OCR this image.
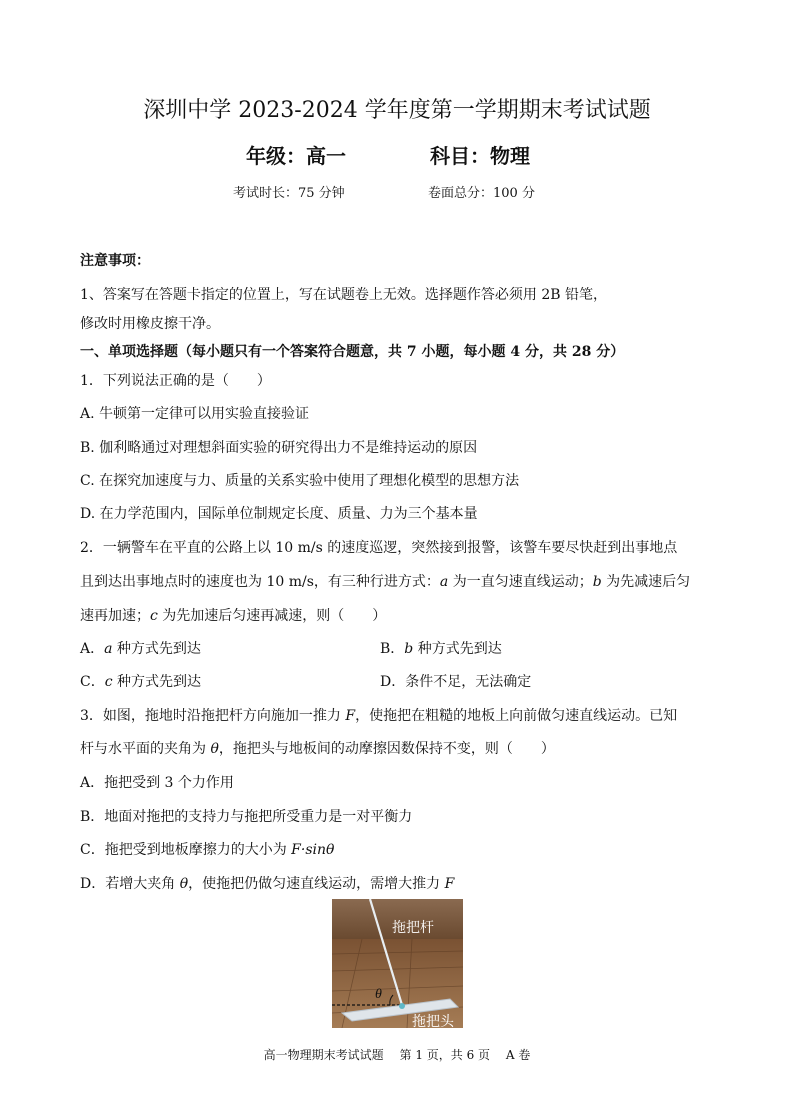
深圳中学 2023-2024 学年度第一学期期末考试试题
年级：高一	科目：物理
考试时长：75 分钟	卷面总分：100 分
注意事项：
1、答案写在答题卡指定的位置上，写在试题卷上无效。选择题作答必须用 2B 铅笔，
修改时用橡皮擦干净。
一、单项选择题（每小题只有一个答案符合题意，共 7 小题，每小题 4 分，共 28 分）
1．下列说法正确的是（　　）
A. 牛顿第一定律可以用实验直接验证
B. 伽利略通过对理想斜面实验的研究得出力不是维持运动的原因
C. 在探究加速度与力、质量的关系实验中使用了理想化模型的思想方法
D. 在力学范围内，国际单位制规定长度、质量、力为三个基本量
2．一辆警车在平直的公路上以 10 m/s 的速度巡逻，突然接到报警，该警车要尽快赶到出事地点
且到达出事地点时的速度也为 10 m/s，有三种行进方式：a 为一直匀速直线运动；b 为先减速后匀
速再加速；c 为先加速后匀速再减速，则（　　）
A．a 种方式先到达	B．b 种方式先到达
C．c 种方式先到达	D．条件不足，无法确定
3．如图，拖地时沿拖把杆方向施加一推力 F，使拖把在粗糙的地板上向前做匀速直线运动。已知
杆与水平面的夹角为 θ，拖把头与地板间的动摩擦因数保持不变，则（　　）
A．拖把受到 3 个力作用
B．地面对拖把的支持力与拖把所受重力是一对平衡力
C．拖把受到地板摩擦力的大小为 F·sinθ
D．若增大夹角 θ，使拖把仍做匀速直线运动，需增大推力 F
拖把杆
θ
拖把头
高一物理期末考试试题 第 1 页，共 6 页 A 卷
